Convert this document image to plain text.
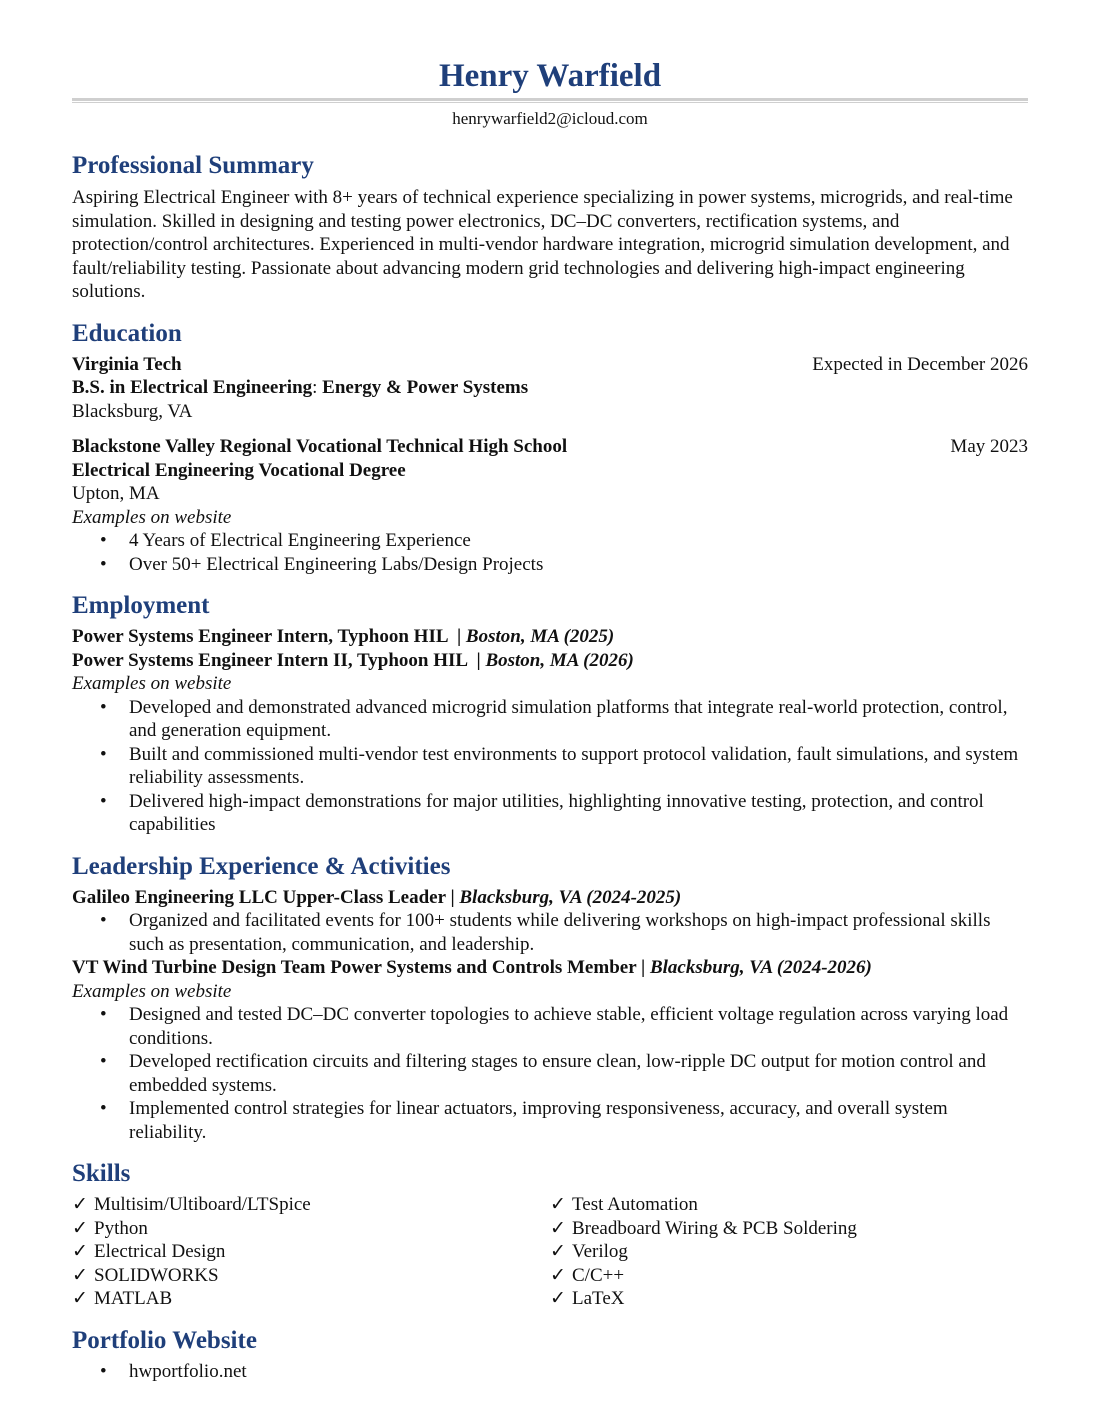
Henry Warfield
henrywarfield2@icloud.com
Professional Summary

Aspiring Electrical Engineer with 8+ years of technical experience specializing in power systems, microgrids, and real-time simulation. Skilled in designing and testing power electronics, DC–DC converters, rectification systems, and protection/control architectures. Experienced in multi-vendor hardware integration, microgrid simulation development, and fault/reliability testing. Passionate about advancing modern grid technologies and delivering high-impact engineering solutions.

Education
Virginia Tech	Expected in December 2026
B.S. in Electrical Engineering: Energy & Power Systems
Blacksburg, VA
Blackstone Valley Regional Vocational Technical High School	May 2023
Electrical Engineering Vocational Degree
Upton, MA
Examples on website
• 4 Years of Electrical Engineering Experience
• Over 50+ Electrical Engineering Labs/Design Projects
Employment
Power Systems Engineer Intern, Typhoon HIL  | Boston, MA (2025)
Power Systems Engineer Intern II, Typhoon HIL  | Boston, MA (2026)
Examples on website
• Developed and demonstrated advanced microgrid simulation platforms that integrate real-world protection, control, and generation equipment.
• Built and commissioned multi-vendor test environments to support protocol validation, fault simulations, and system reliability assessments.
• Delivered high-impact demonstrations for major utilities, highlighting innovative testing, protection, and control capabilities
Leadership Experience & Activities
Galileo Engineering LLC Upper-Class Leader | Blacksburg, VA (2024-2025)
• Organized and facilitated events for 100+ students while delivering workshops on high-impact professional skills such as presentation, communication, and leadership.
VT Wind Turbine Design Team Power Systems and Controls Member | Blacksburg, VA (2024-2026)
Examples on website
• Designed and tested DC–DC converter topologies to achieve stable, efficient voltage regulation across varying load conditions.
• Developed rectification circuits and filtering stages to ensure clean, low-ripple DC output for motion control and embedded systems.
• Implemented control strategies for linear actuators, improving responsiveness, accuracy, and overall system reliability.
Skills
✓ Multisim/Ultiboard/LTSpice
✓ Python
✓ Electrical Design
✓ SOLIDWORKS
✓ MATLAB
✓ Test Automation
✓ Breadboard Wiring & PCB Soldering
✓ Verilog
✓ C/C++
✓ LaTeX
Portfolio Website
• hwportfolio.net
